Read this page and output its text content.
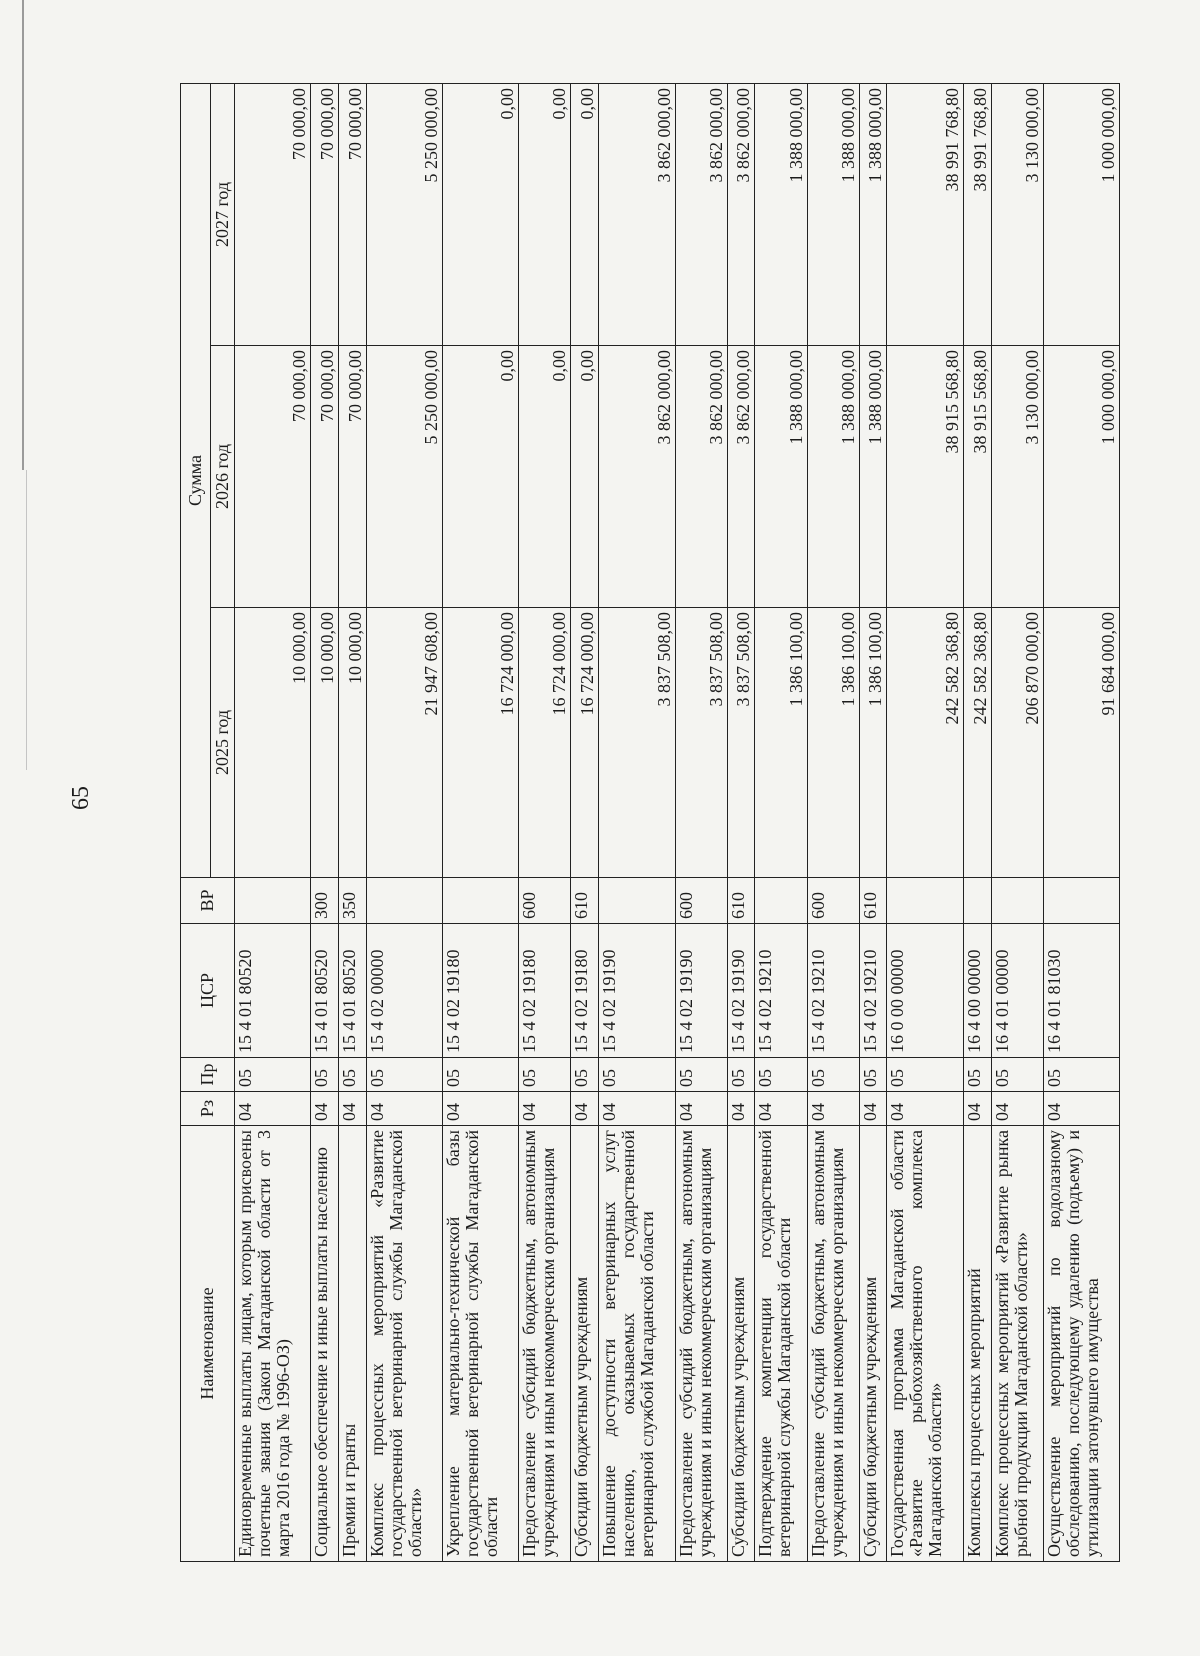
65
Наименование	Рз	Пр	ЦСР	ВР	Сумма		
					2025 год	2026 год	2027 год
Единовременные выплаты лицам, которым присвоены почетные звания (Закон Магаданской области от 3 марта 2016 года № 1996-ОЗ)	04	05	15 4 01 80520		10 000,00	70 000,00	70 000,00
Социальное обеспечение и иные выплаты населению	04	05	15 4 01 80520	300	10 000,00	70 000,00	70 000,00
Премии и гранты	04	05	15 4 01 80520	350	10 000,00	70 000,00	70 000,00
Комплекс процессных мероприятий «Развитие государственной ветеринарной службы Магаданской области»	04	05	15 4 02 00000		21 947 608,00	5 250 000,00	5 250 000,00
Укрепление материально-технической базы государственной ветеринарной службы Магаданской области	04	05	15 4 02 19180		16 724 000,00	0,00	0,00
Предоставление субсидий бюджетным, автономным учреждениям и иным некоммерческим организациям	04	05	15 4 02 19180	600	16 724 000,00	0,00	0,00
Субсидии бюджетным учреждениям	04	05	15 4 02 19180	610	16 724 000,00	0,00	0,00
Повышение доступности ветеринарных услуг населению, оказываемых государственной ветеринарной службой Магаданской области	04	05	15 4 02 19190		3 837 508,00	3 862 000,00	3 862 000,00
Предоставление субсидий бюджетным, автономным учреждениям и иным некоммерческим организациям	04	05	15 4 02 19190	600	3 837 508,00	3 862 000,00	3 862 000,00
Субсидии бюджетным учреждениям	04	05	15 4 02 19190	610	3 837 508,00	3 862 000,00	3 862 000,00
Подтверждение компетенции государственной ветеринарной службы Магаданской области	04	05	15 4 02 19210		1 386 100,00	1 388 000,00	1 388 000,00
Предоставление субсидий бюджетным, автономным учреждениям и иным некоммерческим организациям	04	05	15 4 02 19210	600	1 386 100,00	1 388 000,00	1 388 000,00
Субсидии бюджетным учреждениям	04	05	15 4 02 19210	610	1 386 100,00	1 388 000,00	1 388 000,00
Государственная программа Магаданской области «Развитие рыбохозяйственного комплекса Магаданской области»	04	05	16 0 00 00000		242 582 368,80	38 915 568,80	38 991 768,80
Комплексы процессных мероприятий	04	05	16 4 00 00000		242 582 368,80	38 915 568,80	38 991 768,80
Комплекс процессных мероприятий «Развитие рынка рыбной продукции Магаданской области»	04	05	16 4 01 00000		206 870 000,00	3 130 000,00	3 130 000,00
Осуществление мероприятий по водолазному обследованию, последующему удалению (подъему) и утилизации затонувшего имущества	04	05	16 4 01 81030		91 684 000,00	1 000 000,00	1 000 000,00
